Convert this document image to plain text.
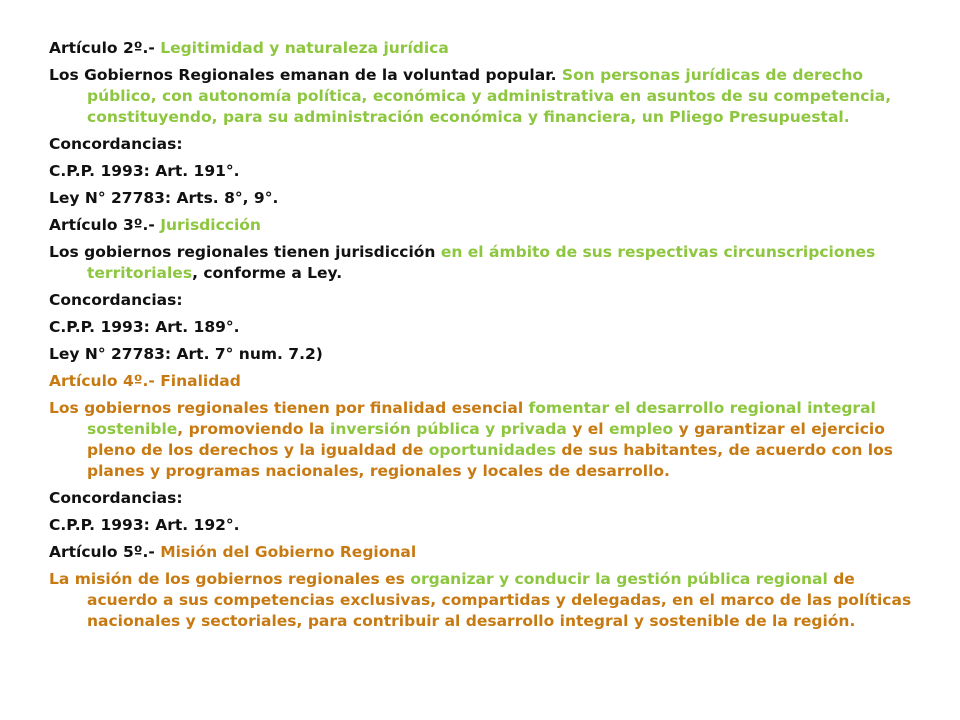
Artículo 2º.- Legitimidad y naturaleza jurídica

Los Gobiernos Regionales emanan de la voluntad popular. Son personas jurídicas de derecho público, con autonomía política, económica y administrativa en asuntos de su competencia, constituyendo, para su administración económica y financiera, un Pliego Presupuestal.

Concordancias:

C.P.P. 1993: Art. 191°.

Ley N° 27783: Arts. 8°, 9°.

Artículo 3º.- Jurisdicción

Los gobiernos regionales tienen jurisdicción en el ámbito de sus respectivas circunscripciones territoriales, conforme a Ley.

Concordancias:

C.P.P. 1993: Art. 189°.

Ley N° 27783: Art. 7° num. 7.2)

Artículo 4º.- Finalidad

Los gobiernos regionales tienen por finalidad esencial fomentar el desarrollo regional integral sostenible, promoviendo la inversión pública y privada y el empleo y garantizar el ejercicio pleno de los derechos y la igualdad de oportunidades de sus habitantes, de acuerdo con los planes y programas nacionales, regionales y locales de desarrollo.

Concordancias:

C.P.P. 1993: Art. 192°.

Artículo 5º.- Misión del Gobierno Regional

La misión de los gobiernos regionales es organizar y conducir la gestión pública regional de acuerdo a sus competencias exclusivas, compartidas y delegadas, en el marco de las políticas nacionales y sectoriales, para contribuir al desarrollo integral y sostenible de la región.
